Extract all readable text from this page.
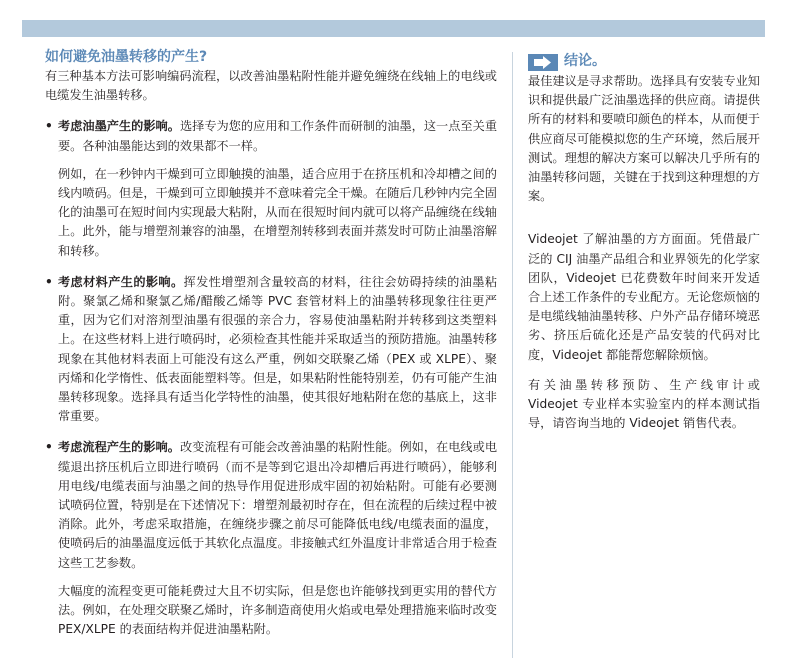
如何避免油墨转移的产生?

有三种基本方法可影响编码流程，以改善油墨粘附性能并避免缠绕在线轴上的电线或电缆发生油墨转移。

• 考虑油墨产生的影响。选择专为您的应用和工作条件而研制的油墨，这一点至关重要。各种油墨能达到的效果都不一样。

例如，在一秒钟内干燥到可立即触摸的油墨，适合应用于在挤压机和冷却槽之间的线内喷码。但是，干燥到可立即触摸并不意味着完全干燥。在随后几秒钟内完全固化的油墨可在短时间内实现最大粘附，从而在很短时间内就可以将产品缠绕在线轴上。此外，能与增塑剂兼容的油墨，在增塑剂转移到表面并蒸发时可防止油墨溶解和转移。

• 考虑材料产生的影响。挥发性增塑剂含量较高的材料，往往会妨碍持续的油墨粘附。聚氯乙烯和聚氯乙烯/醋酸乙烯等 PVC 套管材料上的油墨转移现象往往更严重，因为它们对溶剂型油墨有很强的亲合力，容易使油墨粘附并转移到这类塑料上。在这些材料上进行喷码时，必须检查其性能并采取适当的预防措施。油墨转移现象在其他材料表面上可能没有这么严重，例如交联聚乙烯（PEX 或 XLPE）、聚丙烯和化学惰性、低表面能塑料等。但是，如果粘附性能特别差，仍有可能产生油墨转移现象。选择具有适当化学特性的油墨，使其很好地粘附在您的基底上，这非常重要。

• 考虑流程产生的影响。改变流程有可能会改善油墨的粘附性能。例如，在电线或电缆退出挤压机后立即进行喷码（而不是等到它退出冷却槽后再进行喷码），能够利用电线/电缆表面与油墨之间的热导作用促进形成牢固的初始粘附。可能有必要测试喷码位置，特别是在下述情况下：增塑剂最初时存在，但在流程的后续过程中被消除。此外，考虑采取措施，在缠绕步骤之前尽可能降低电线/电缆表面的温度，使喷码后的油墨温度远低于其软化点温度。非接触式红外温度计非常适合用于检查这些工艺参数。

大幅度的流程变更可能耗费过大且不切实际，但是您也许能够找到更实用的替代方法。例如，在处理交联聚乙烯时，许多制造商使用火焰或电晕处理措施来临时改变 PEX/XLPE 的表面结构并促进油墨粘附。

结论。

最佳建议是寻求帮助。选择具有安装专业知识和提供最广泛油墨选择的供应商。请提供所有的材料和要喷印颜色的样本，从而便于供应商尽可能模拟您的生产环境，然后展开测试。理想的解决方案可以解决几乎所有的油墨转移问题，关键在于找到这种理想的方案。

Videojet 了解油墨的方方面面。凭借最广泛的 CIJ 油墨产品组合和业界领先的化学家团队，Videojet 已花费数年时间来开发适合上述工作条件的专业配方。无论您烦恼的是电缆线轴油墨转移、户外产品存储环境恶劣、挤压后硫化还是产品安装的代码对比度，Videojet 都能帮您解除烦恼。

有关油墨转移预防、生产线审计或 Videojet 专业样本实验室内的样本测试指导，请咨询当地的 Videojet 销售代表。
